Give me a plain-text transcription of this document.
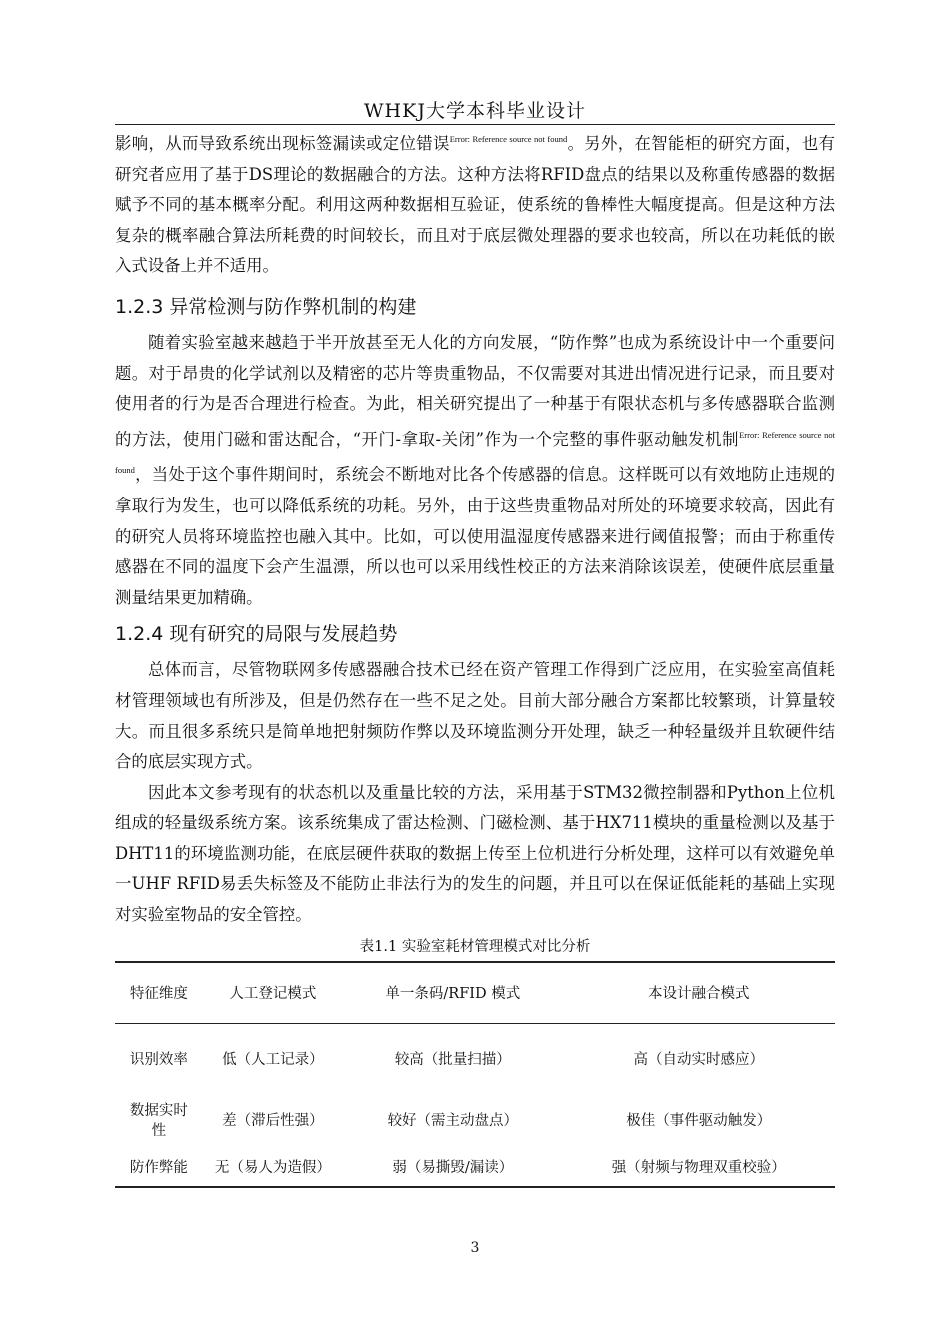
WHKJ大学本科毕业设计

影响，从而导致系统出现标签漏读或定位错误$^{Error: Reference source not found}$。另外，在智能柜的研究方面，也有研究者应用了基于DS理论的数据融合的方法。这种方法将RFID盘点的结果以及称重传感器的数据赋予不同的基本概率分配。利用这两种数据相互验证，使系统的鲁棒性大幅度提高。但是这种方法复杂的概率融合算法所耗费的时间较长，而且对于底层微处理器的要求也较高，所以在功耗低的嵌入式设备上并不适用。

1.2.3 异常检测与防作弊机制的构建

随着实验室越来越趋于半开放甚至无人化的方向发展，“防作弊”也成为系统设计中一个重要问题。对于昂贵的化学试剂以及精密的芯片等贵重物品，不仅需要对其进出情况进行记录，而且要对使用者的行为是否合理进行检查。为此，相关研究提出了一种基于有限状态机与多传感器联合监测的方法，使用门磁和雷达配合，“开门-拿取-关闭”作为一个完整的事件驱动触发机制$^{Error: Reference source not found}$，当处于这个事件期间时，系统会不断地对比各个传感器的信息。这样既可以有效地防止违规的拿取行为发生，也可以降低系统的功耗。另外，由于这些贵重物品对所处的环境要求较高，因此有的研究人员将环境监控也融入其中。比如，可以使用温湿度传感器来进行阈值报警；而由于称重传感器在不同的温度下会产生温漂，所以也可以采用线性校正的方法来消除该误差，使硬件底层重量测量结果更加精确。

1.2.4 现有研究的局限与发展趋势

总体而言，尽管物联网多传感器融合技术已经在资产管理工作得到广泛应用，在实验室高值耗材管理领域也有所涉及，但是仍然存在一些不足之处。目前大部分融合方案都比较繁琐，计算量较大。而且很多系统只是简单地把射频防作弊以及环境监测分开处理，缺乏一种轻量级并且软硬件结合的底层实现方式。

因此本文参考现有的状态机以及重量比较的方法，采用基于STM32微控制器和Python上位机组成的轻量级系统方案。该系统集成了雷达检测、门磁检测、基于HX711模块的重量检测以及基于DHT11的环境监测功能，在底层硬件获取的数据上传至上位机进行分析处理，这样可以有效避免单一UHF RFID易丢失标签及不能防止非法行为的发生的问题，并且可以在保证低能耗的基础上实现对实验室物品的安全管控。

表1.1 实验室耗材管理模式对比分析
特征维度	人工登记模式	单一条码/RFID 模式	本设计融合模式
识别效率	低（人工记录）	较高（批量扫描）	高（自动实时感应）
数据实时性	差（滞后性强）	较好（需主动盘点）	极佳（事件驱动触发）
防作弊能	无（易人为造假）	弱（易撕毁/漏读）	强（射频与物理双重校验）
3
